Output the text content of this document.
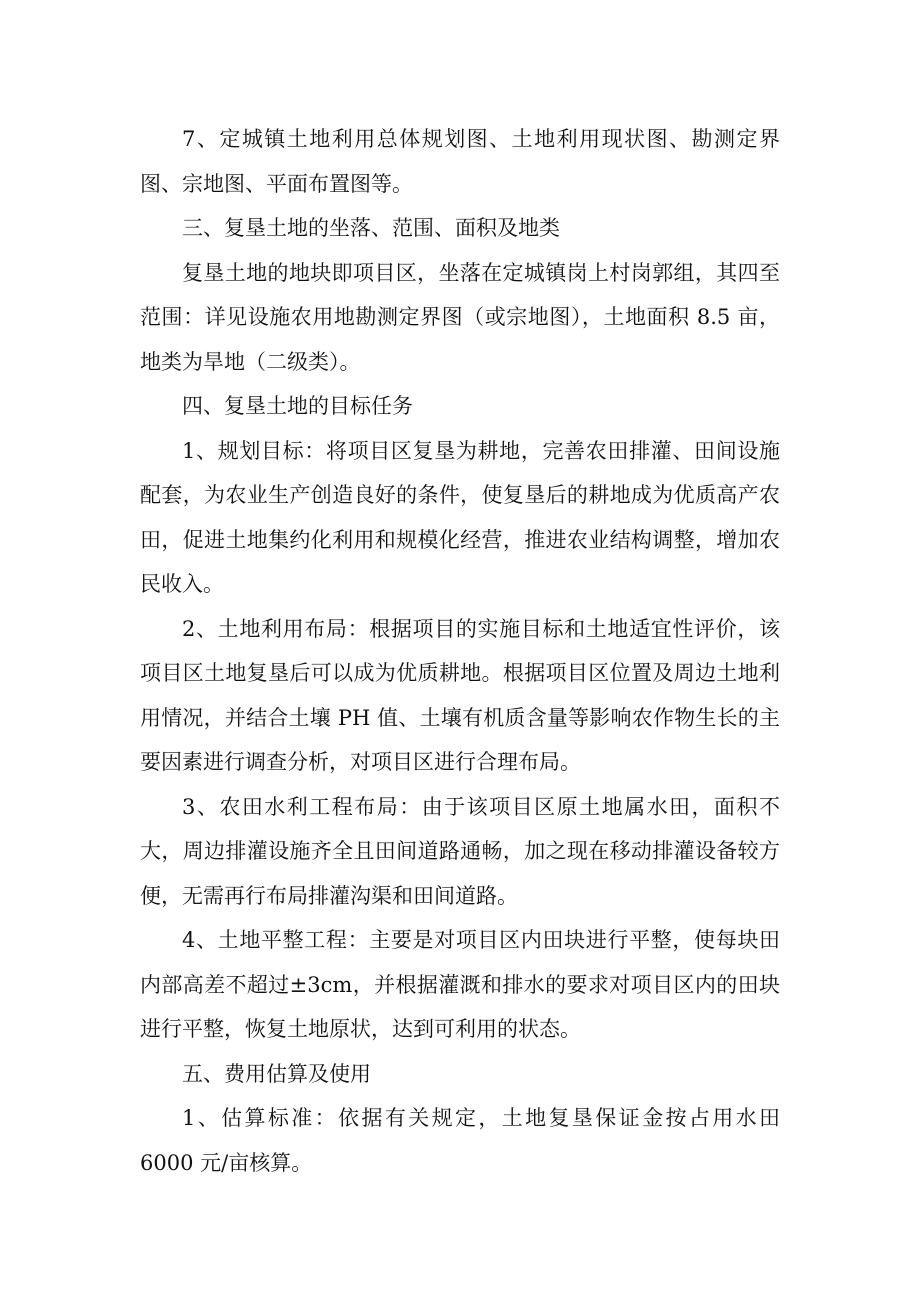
7、定城镇土地利用总体规划图、土地利用现状图、勘测定界图、宗地图、平面布置图等。

三、复垦土地的坐落、范围、面积及地类

复垦土地的地块即项目区，坐落在定城镇岗上村岗郭组，其四至范围：详见设施农用地勘测定界图（或宗地图），土地面积 8.5 亩，地类为旱地（二级类）。

四、复垦土地的目标任务

1、规划目标：将项目区复垦为耕地，完善农田排灌、田间设施配套，为农业生产创造良好的条件，使复垦后的耕地成为优质高产农田，促进土地集约化利用和规模化经营，推进农业结构调整，增加农民收入。

2、土地利用布局：根据项目的实施目标和土地适宜性评价，该项目区土地复垦后可以成为优质耕地。根据项目区位置及周边土地利用情况，并结合土壤 PH 值、土壤有机质含量等影响农作物生长的主要因素进行调查分析，对项目区进行合理布局。

3、农田水利工程布局：由于该项目区原土地属水田，面积不大，周边排灌设施齐全且田间道路通畅，加之现在移动排灌设备较方便，无需再行布局排灌沟渠和田间道路。

4、土地平整工程：主要是对项目区内田块进行平整，使每块田内部高差不超过±3cm，并根据灌溉和排水的要求对项目区内的田块进行平整，恢复土地原状，达到可利用的状态。

五、费用估算及使用

1、估算标准：依据有关规定，土地复垦保证金按占用水田 6000 元/亩核算。
